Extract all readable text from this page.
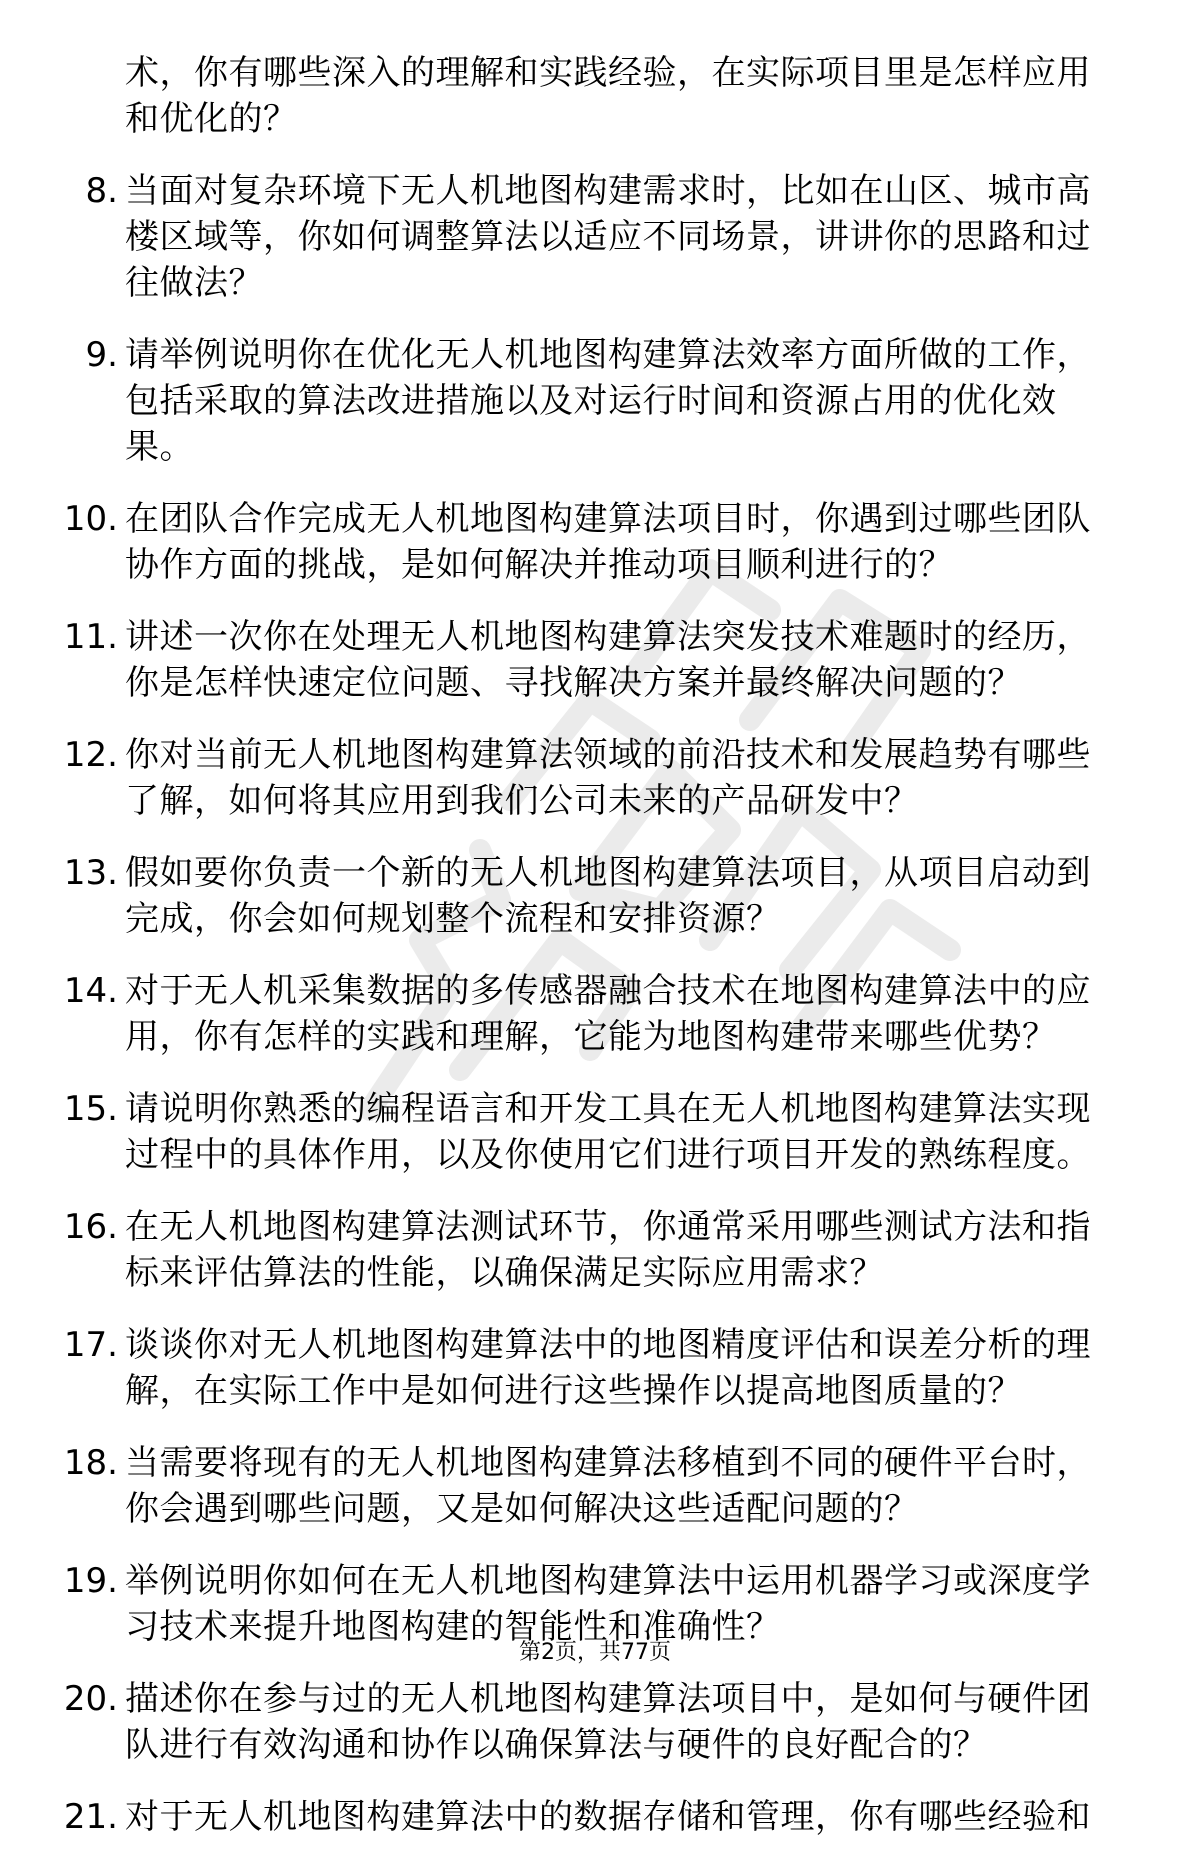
术，你有哪些深入的理解和实践经验，在实际项目里是怎样应用和优化的？
8. 当面对复杂环境下无人机地图构建需求时，比如在山区、城市高楼区域等，你如何调整算法以适应不同场景，讲讲你的思路和过往做法？
9. 请举例说明你在优化无人机地图构建算法效率方面所做的工作，包括采取的算法改进措施以及对运行时间和资源占用的优化效果。
10. 在团队合作完成无人机地图构建算法项目时，你遇到过哪些团队协作方面的挑战，是如何解决并推动项目顺利进行的？
11. 讲述一次你在处理无人机地图构建算法突发技术难题时的经历，你是怎样快速定位问题、寻找解决方案并最终解决问题的？
12. 你对当前无人机地图构建算法领域的前沿技术和发展趋势有哪些了解，如何将其应用到我们公司未来的产品研发中？
13. 假如要你负责一个新的无人机地图构建算法项目，从项目启动到完成，你会如何规划整个流程和安排资源？
14. 对于无人机采集数据的多传感器融合技术在地图构建算法中的应用，你有怎样的实践和理解，它能为地图构建带来哪些优势？
15. 请说明你熟悉的编程语言和开发工具在无人机地图构建算法实现过程中的具体作用，以及你使用它们进行项目开发的熟练程度。
16. 在无人机地图构建算法测试环节，你通常采用哪些测试方法和指标来评估算法的性能，以确保满足实际应用需求？
17. 谈谈你对无人机地图构建算法中的地图精度评估和误差分析的理解，在实际工作中是如何进行这些操作以提高地图质量的？
18. 当需要将现有的无人机地图构建算法移植到不同的硬件平台时，你会遇到哪些问题，又是如何解决这些适配问题的？
19. 举例说明你如何在无人机地图构建算法中运用机器学习或深度学习技术来提升地图构建的智能性和准确性？
20. 描述你在参与过的无人机地图构建算法项目中，是如何与硬件团队进行有效沟通和协作以确保算法与硬件的良好配合的？
21. 对于无人机地图构建算法中的数据存储和管理，你有哪些经验和
第2页，共77页
